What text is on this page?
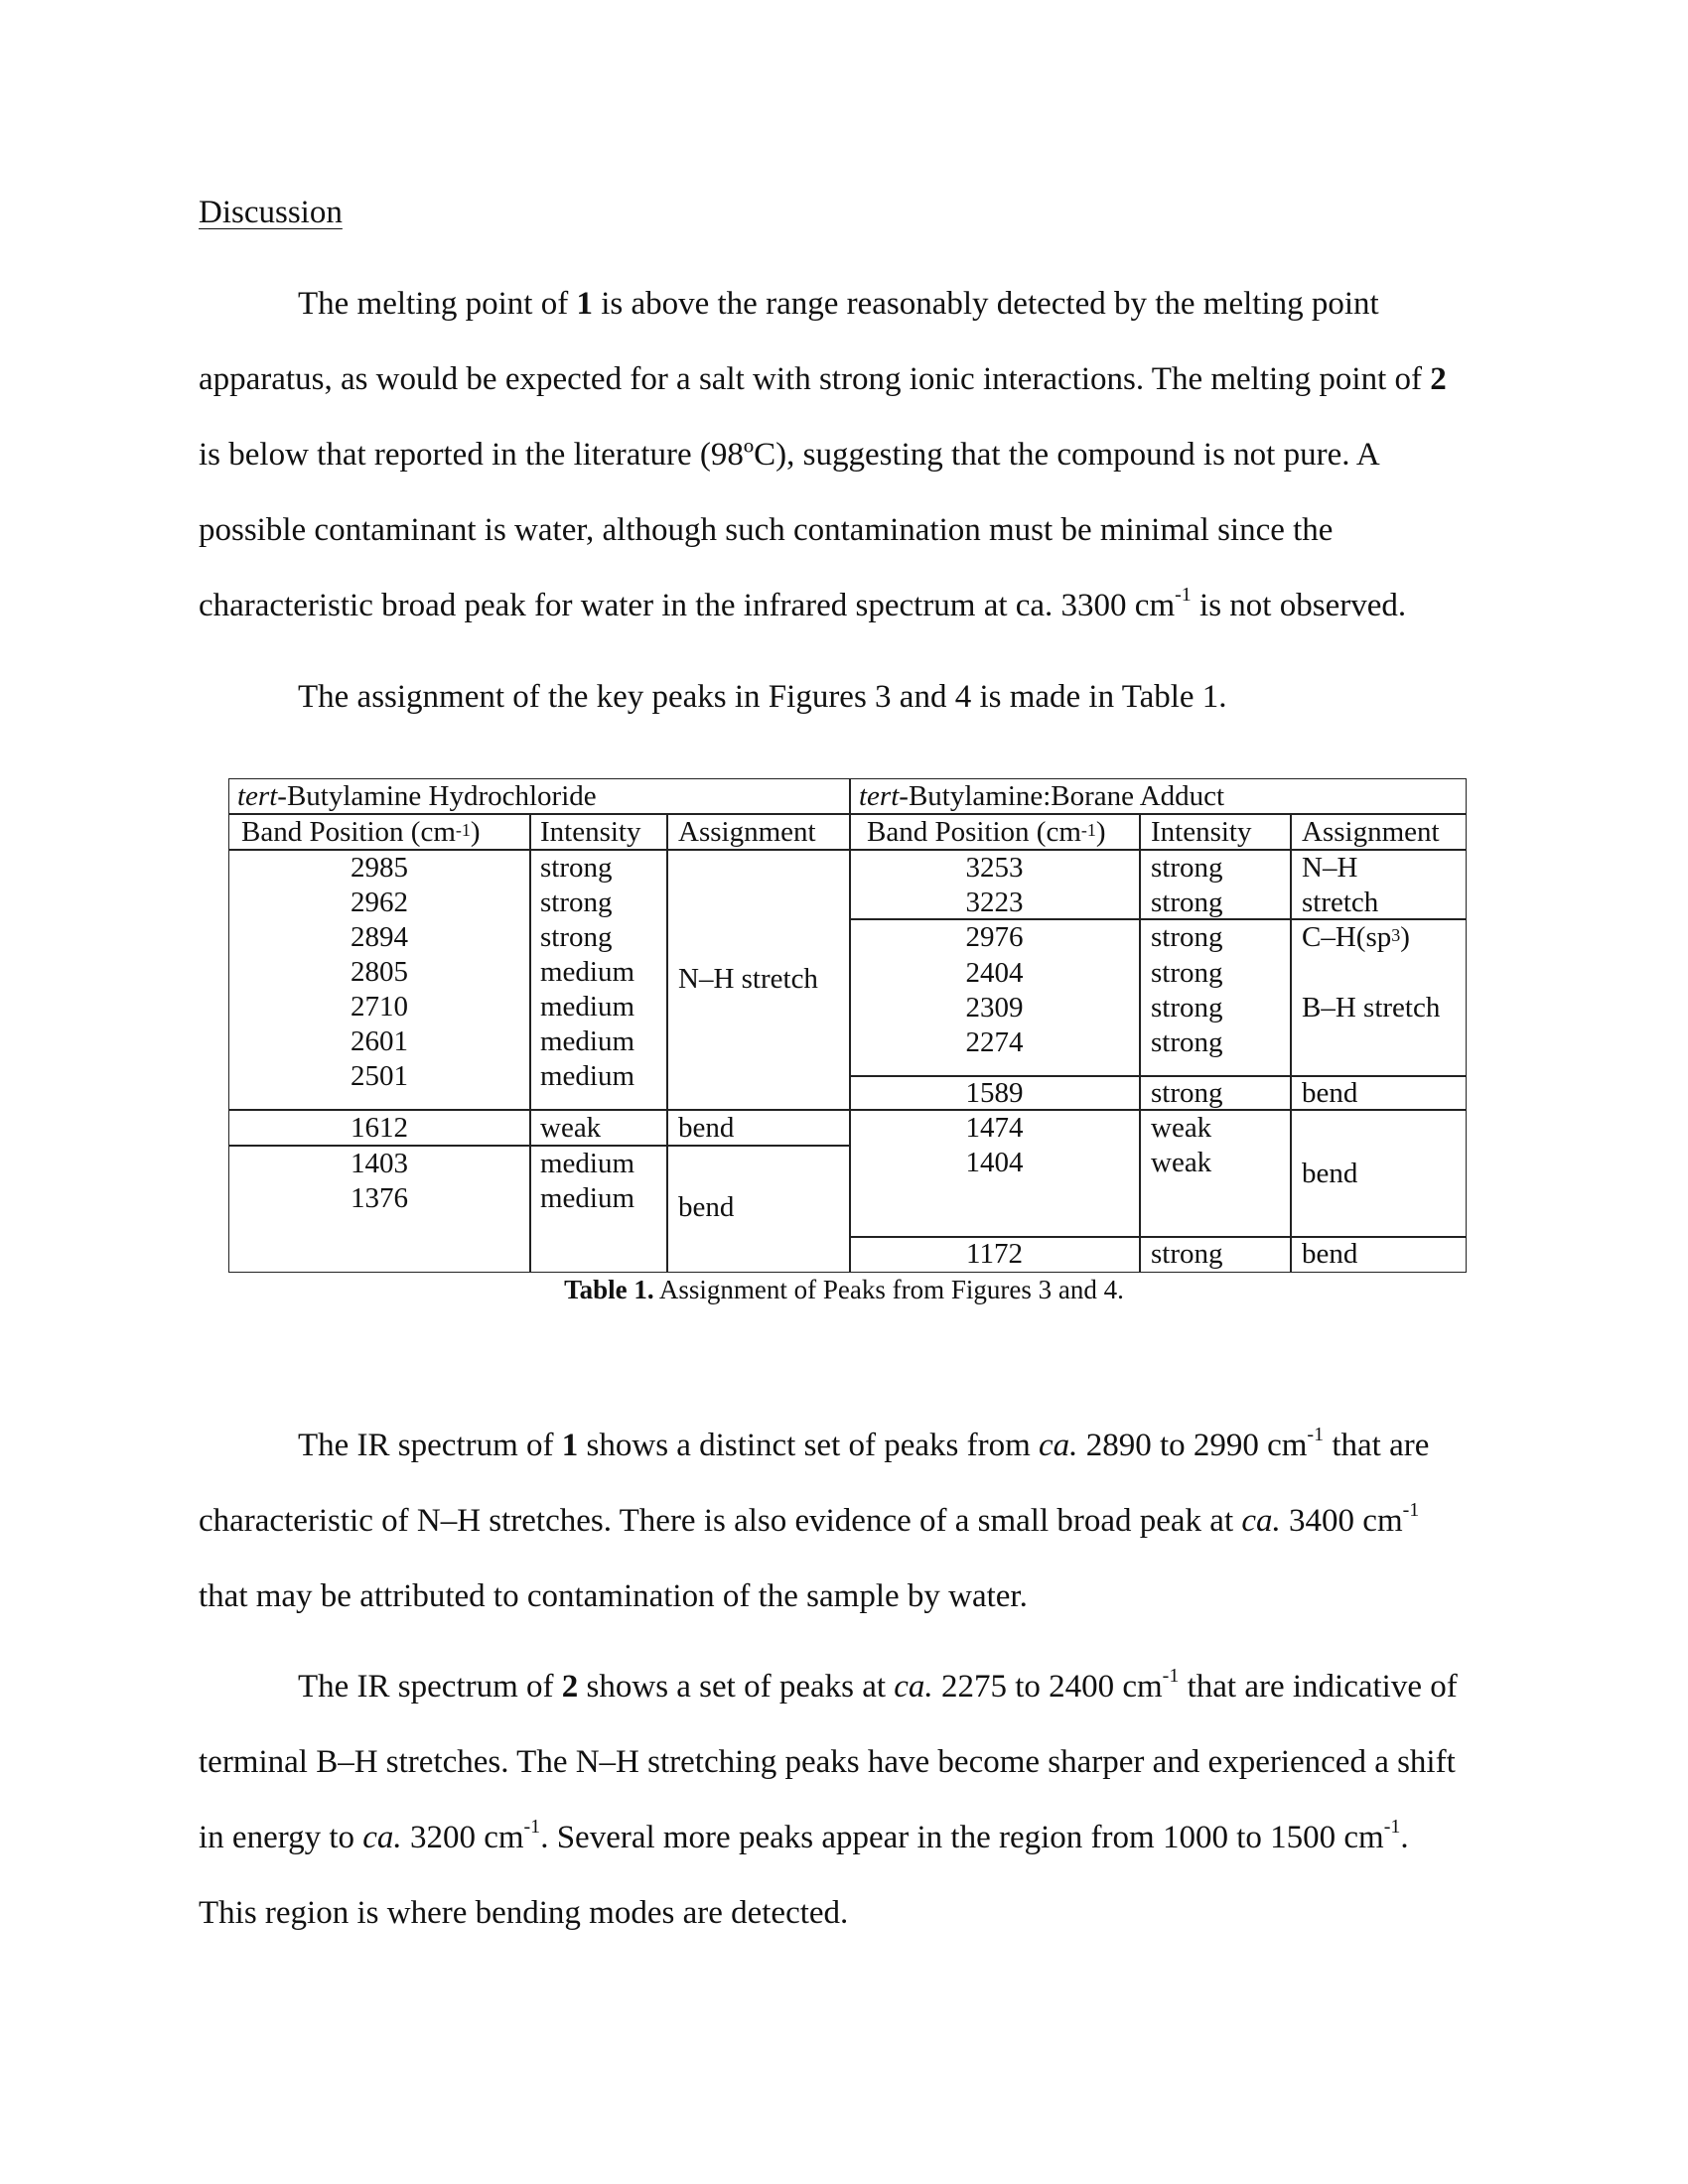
Discussion
The melting point of 1 is above the range reasonably detected by the melting point
apparatus, as would be expected for a salt with strong ionic interactions. The melting point of 2
is below that reported in the literature (98ºC), suggesting that the compound is not pure. A
possible contaminant is water, although such contamination must be minimal since the
characteristic broad peak for water in the infrared spectrum at ca. 3300 $cm^{-1}$ is not observed.
The assignment of the key peaks in Figures 3 and 4 is made in Table 1.
tert-Butylamine Hydrochloride	tert-Butylamine:Borane Adduct
Band Position $(cm^{-1})$ Intensity Assignment Band Position $(cm^{-1})$ Intensity Assignment
2985
2962
2894
2805
2710
2601
2501
1612
1403
1376
strong
strong
strong
medium
medium
medium
medium
weak
medium
medium
N–H stretch
bend
bend
3253
3223
2976
2404
2309
2274
1589
1474
1404
1172
strong
strong
strong
strong
strong
strong
strong
weak
weak
strong
N–H
stretch
$C-H(sp^3)$
B–H stretch
bend
bend
bend
Table 1. Assignment of Peaks from Figures 3 and 4.
The IR spectrum of 1 shows a distinct set of peaks from ca. 2890 to 2990 $cm^{-1}$ that are
characteristic of N–H stretches. There is also evidence of a small broad peak at ca. 3400 $cm^{-1}$
that may be attributed to contamination of the sample by water.
The IR spectrum of 2 shows a set of peaks at ca. 2275 to 2400 $cm^{-1}$ that are indicative of
terminal B–H stretches. The N–H stretching peaks have become sharper and experienced a shift
in energy to ca. 3200 $cm^{-1}$. Several more peaks appear in the region from 1000 to 1500 $cm^{-1}$.
This region is where bending modes are detected.
